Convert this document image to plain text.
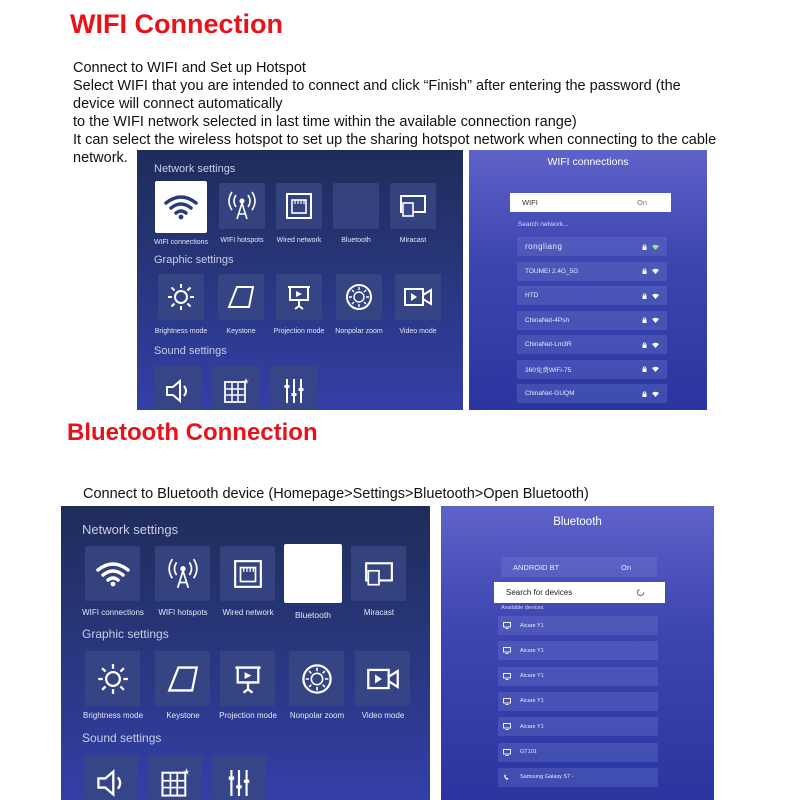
WIFI Connection
Connect to WIFI and Set up Hotspot
Select WIFI that you are intended to connect and click “Finish” after entering the password (the
device will connect automatically
to the WIFI network selected in last time within the available connection range)
It can select the wireless hotspot to set up the sharing hotspot network when connecting to the cable
network.
Network settings
WIFI connections	WIFI hotspots	Wired network	Bluetooth	Miracast
Graphic settings
Brightness mode	Keystone	Projection mode	Nonpolar zoom	Video mode
Sound settings
WIFI connections
WIFI	On
Search network...
rongliang
TOUMEI 2.4G_5G
HTD
ChinaNet-4Psh
ChinaNet-Lm3R
360免费WiFi-75
ChinaNet-GUQM
Bluetooth Connection
Connect to Bluetooth device (Homepage>Settings>Bluetooth>Open Bluetooth)
Network settings
WIFI connections	WIFI hotspots	Wired network	Bluetooth	Miracast
Graphic settings
Brightness mode	Keystone	Projection mode	Nonpolar zoom	Video mode
Sound settings
Bluetooth
ANDROID BT	On
Search for devices
Available devices
Aicare Y1
Aicare Y1
Aicare Y1
Aicare Y1
Aicare Y1
GT101
Samsung Galaxy S7 -
